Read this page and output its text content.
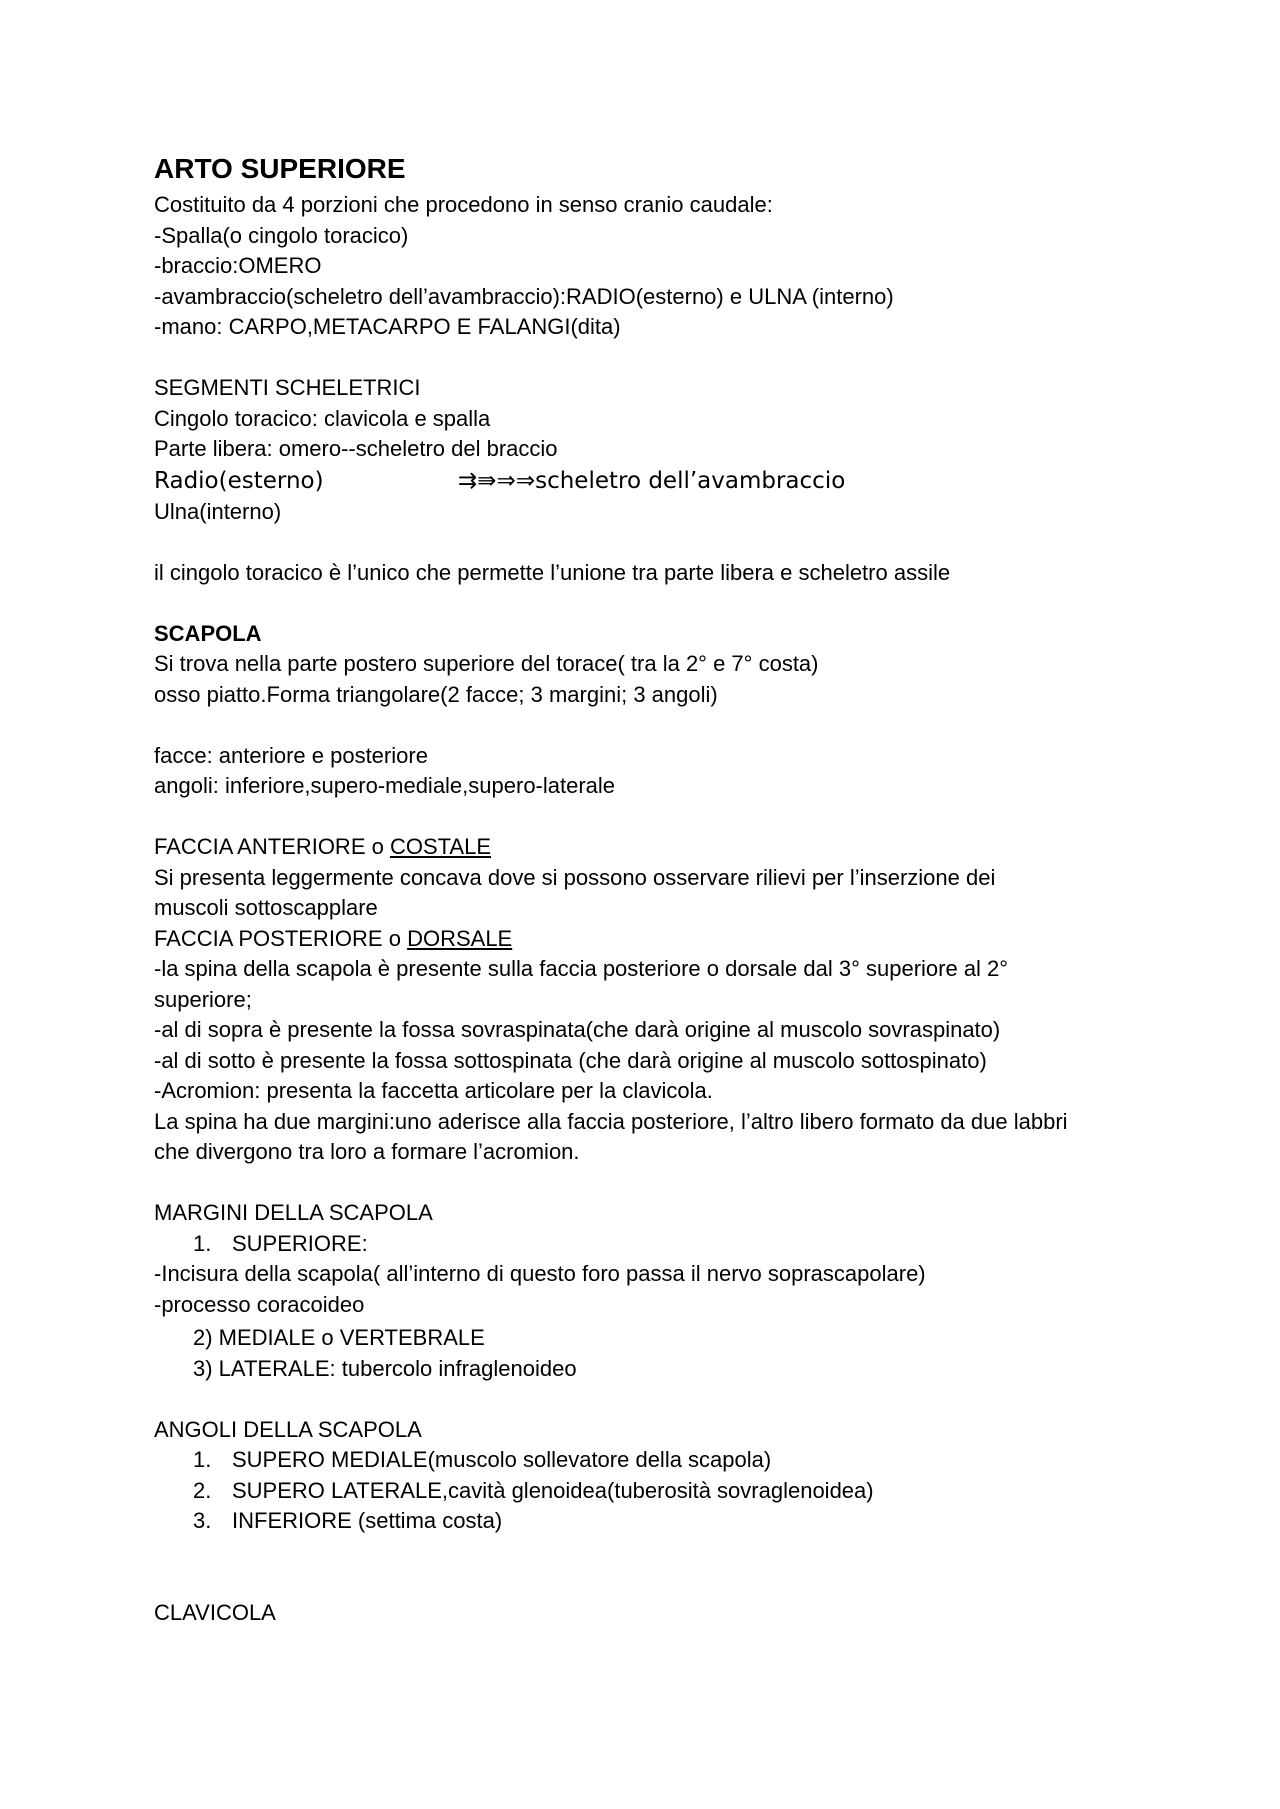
ARTO SUPERIORE
Costituito da 4 porzioni che procedono in senso cranio caudale:
-Spalla(o cingolo toracico)
-braccio:OMERO
-avambraccio(scheletro dell’avambraccio):RADIO(esterno) e ULNA (interno)
-mano: CARPO,METACARPO E FALANGI(dita)
SEGMENTI SCHELETRICI
Cingolo toracico: clavicola e spalla
Parte libera: omero--scheletro del braccio
Radio(esterno)	⇉⇛⇒⇒scheletro dell’avambraccio
Ulna(interno)
il cingolo toracico è l’unico che permette l’unione tra parte libera e scheletro assile
SCAPOLA
Si trova nella parte postero superiore del torace( tra la 2° e 7° costa)
osso piatto.Forma triangolare(2 facce; 3 margini; 3 angoli)
facce: anteriore e posteriore
angoli: inferiore,supero-mediale,supero-laterale
FACCIA ANTERIORE o COSTALE
Si presenta leggermente concava dove si possono osservare rilievi per l’inserzione dei muscoli sottoscapplare
FACCIA POSTERIORE o DORSALE
-la spina della scapola è presente sulla faccia posteriore o dorsale dal 3° superiore al 2° superiore;
-al di sopra è presente la fossa sovraspinata(che darà origine al muscolo sovraspinato)
-al di sotto è presente la fossa sottospinata (che darà origine al muscolo sottospinato)
-Acromion: presenta la faccetta articolare per la clavicola.
La spina ha due margini:uno aderisce alla faccia posteriore, l’altro libero formato da due labbri che divergono tra loro a formare l’acromion.
MARGINI DELLA SCAPOLA
1. SUPERIORE:
-Incisura della scapola( all’interno di questo foro passa il nervo soprascapolare)
-processo coracoideo
2) MEDIALE o VERTEBRALE
3) LATERALE: tubercolo infraglenoideo
ANGOLI DELLA SCAPOLA
1. SUPERO MEDIALE(muscolo sollevatore della scapola)
2. SUPERO LATERALE,cavità glenoidea(tuberosità sovraglenoidea)
3. INFERIORE (settima costa)
CLAVICOLA
